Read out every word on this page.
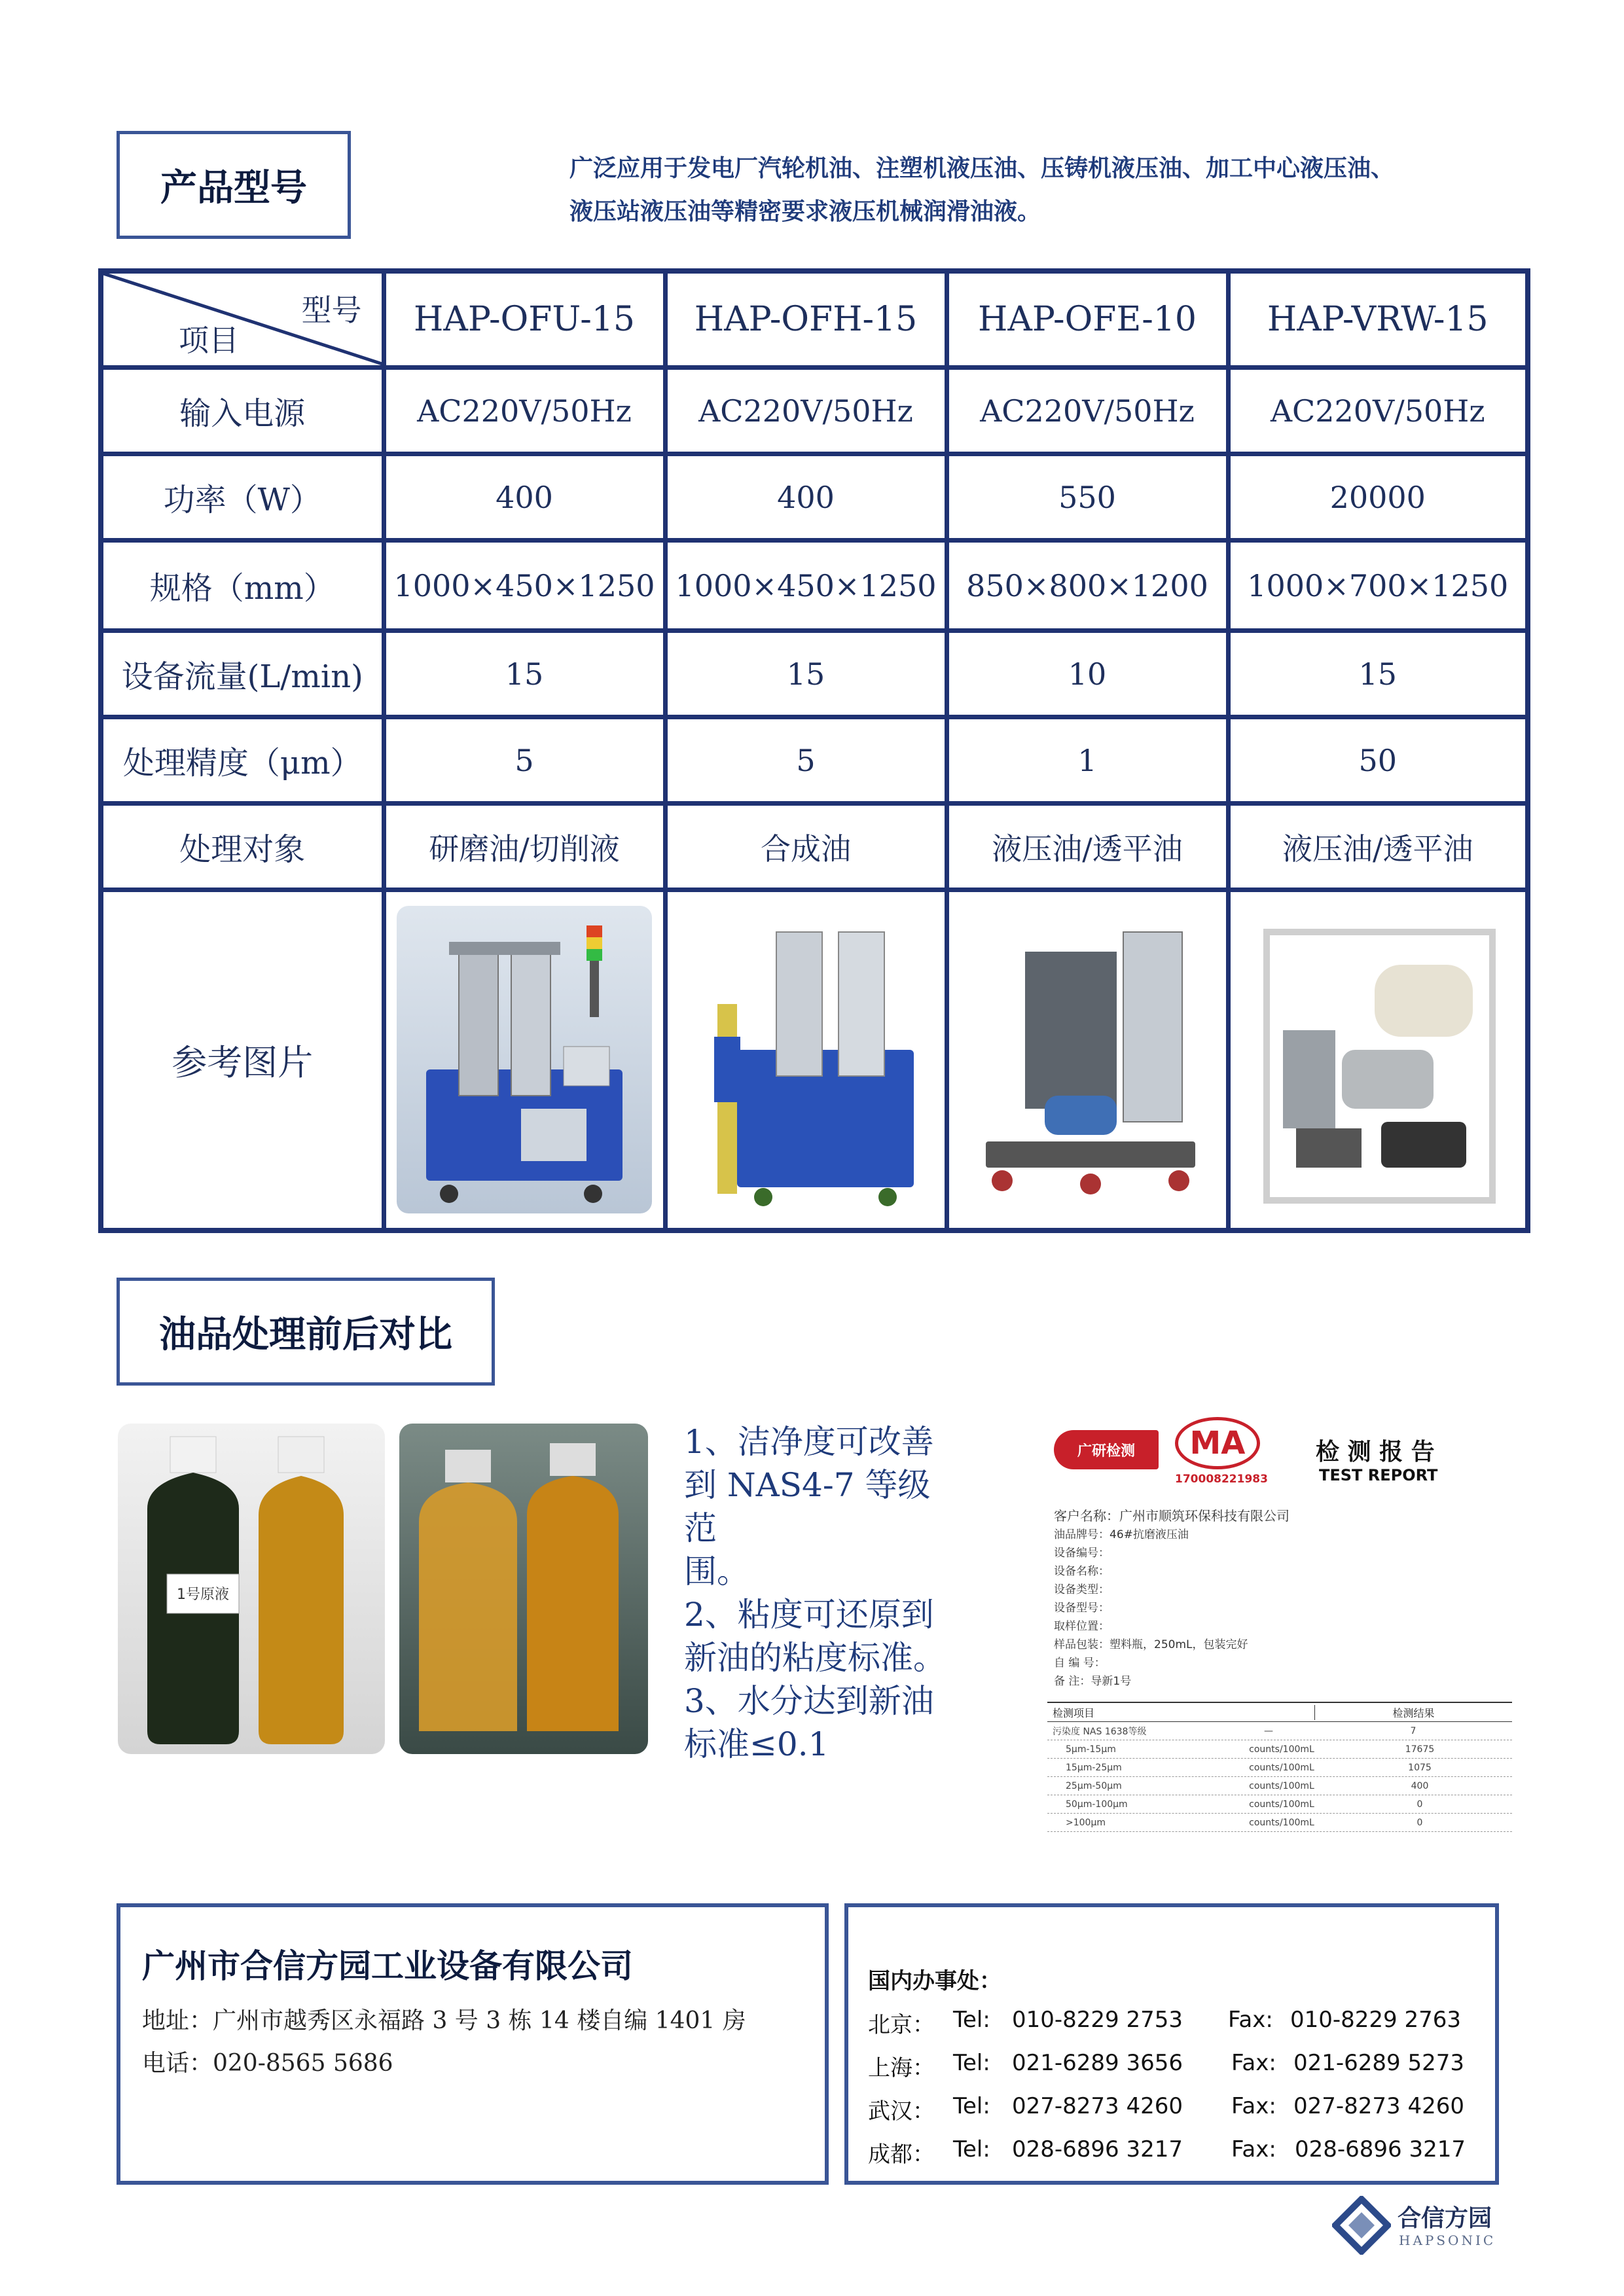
产品型号	广泛应用于发电厂汽轮机油、注塑机液压油、压铸机液压油、加工中心液压油、
液压站液压油等精密要求液压机械润滑油液。
型号
项目	HAP-OFU-15	HAP-OFH-15	HAP-OFE-10	HAP-VRW-15
输入电源	AC220V/50Hz	AC220V/50Hz	AC220V/50Hz	AC220V/50Hz
功率（W）	400	400	550	20000
规格（mm）	1000×450×1250	1000×450×1250	850×800×1200	1000×700×1250
设备流量(L/min)	15	15	10	15
处理精度（μm）	5	5	1	50
处理对象	研磨油/切削液	合成油	液压油/透平油	液压油/透平油
参考图片	

油品处理前后对比
1号原液
1、洁净度可改善
到 NAS4-7 等级范
围。
2、粘度可还原到
新油的粘度标准。
3、水分达到新油
标准≤0.1
广研检测 MA
170008221983
检 测 报 告
TEST REPORT
客户名称：广州市顺筑环保科技有限公司
油品牌号：46#抗磨液压油
设备编号：
设备名称：
设备类型：
设备型号：
取样位置：
样品包装：塑料瓶，250mL，包装完好
自 编 号：
备 注：导新1号
检测项目	检测结果
污染度 NAS 1638等级	—	7
5μm-15μm	counts/100mL	17675
15μm-25μm	counts/100mL	1075
25μm-50μm	counts/100mL	400
50μm-100μm	counts/100mL	0
>100μm	counts/100mL	0
广州市合信方园工业设备有限公司
地址：广州市越秀区永福路 3 号 3 栋 14 楼自编 1401 房
电话：020-8565 5686
国内办事处：
北京： Tel: 010-8229 2753 Fax: 010-8229 2763
上海： Tel: 021-6289 3656 Fax: 021-6289 5273
武汉： Tel: 027-8273 4260 Fax: 027-8273 4260
成都： Tel: 028-6896 3217 Fax: 028-6896 3217
合信方园
HAPSONIC
